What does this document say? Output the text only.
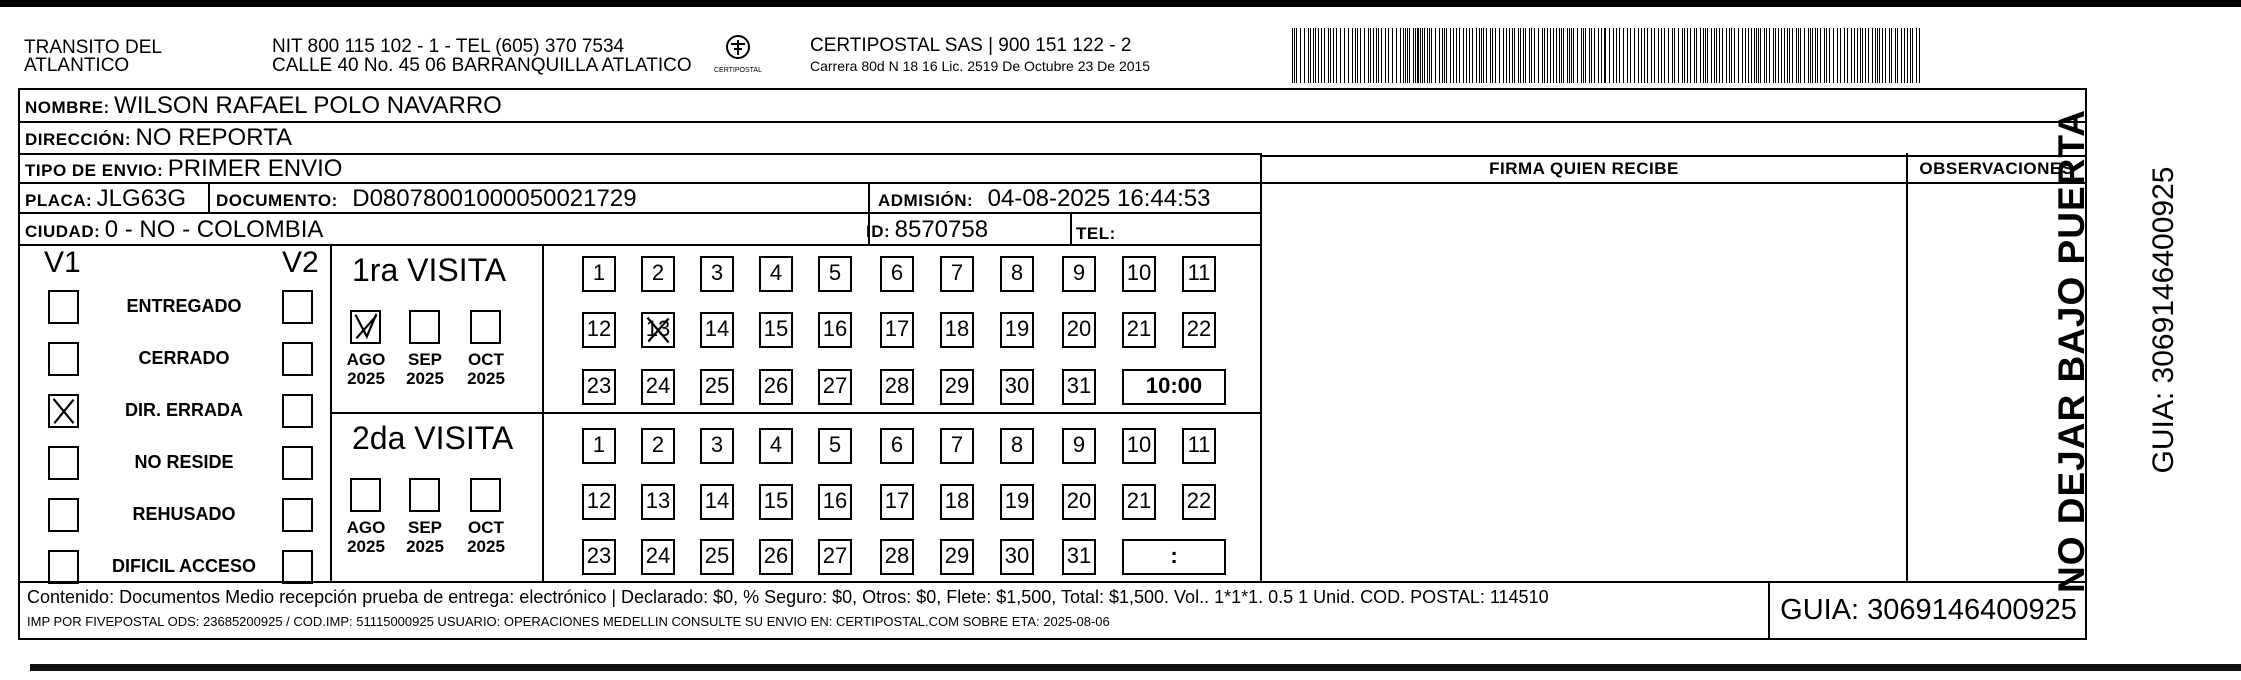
TRANSITO DEL
ATLANTICO
NIT 800 115 102 - 1 - TEL (605) 370 7534
CALLE 40 No. 45 06 BARRANQUILLA ATLATICO	CERTIPOSTAL
CERTIPOSTAL SAS | 900 151 122 - 2
Carrera 80d N 18 16 Lic. 2519 De Octubre 23 De 2015
NOMBRE: WILSON RAFAEL POLO NAVARRO
DIRECCIÓN: NO REPORTA
TIPO DE ENVIO: PRIMER ENVIO
PLACA: JLG63G DOCUMENTO: D08078001000050021729	ADMISIÓN: 04-08-2025 16:44:53
CIUDAD: 0 - NO - COLOMBIA	ID: 8570758	TEL:
FIRMA QUIEN RECIBE	OBSERVACIONES
V1	V2
ENTREGADO
CERRADO
DIR. ERRADA
NO RESIDE
REHUSADO
DIFICIL ACCESO
1ra VISITA
2da VISITA
AGO
2025
SEP
2025
OCT
2025
AGO
2025
SEP
2025
OCT
2025
1	2	3	4	5	6	7	8	9	10 11
12 13 14 15 16 17 18 19 20 21 22
23 24 25 26 27 28 29 30 31	10:00
1	2	3	4	5	6	7	8	9	10 11
12 13 14 15 16 17 18 19 20 21 22
23 24 25 26 27 28 29 30 31	:
Contenido: Documentos Medio recepción prueba de entrega: electrónico | Declarado: $0, % Seguro: $0, Otros: $0, Flete: $1,500, Total: $1,500. Vol.. 1*1*1. 0.5 1 Unid. COD. POSTAL: 114510
IMP POR FIVEPOSTAL ODS: 23685200925 / COD.IMP: 51115000925 USUARIO: OPERACIONES MEDELLIN CONSULTE SU ENVIO EN: CERTIPOSTAL.COM SOBRE ETA: 2025-08-06	GUIA: 3069146400925
NO DEJAR BAJO PUERTA GUIA: 3069146400925
